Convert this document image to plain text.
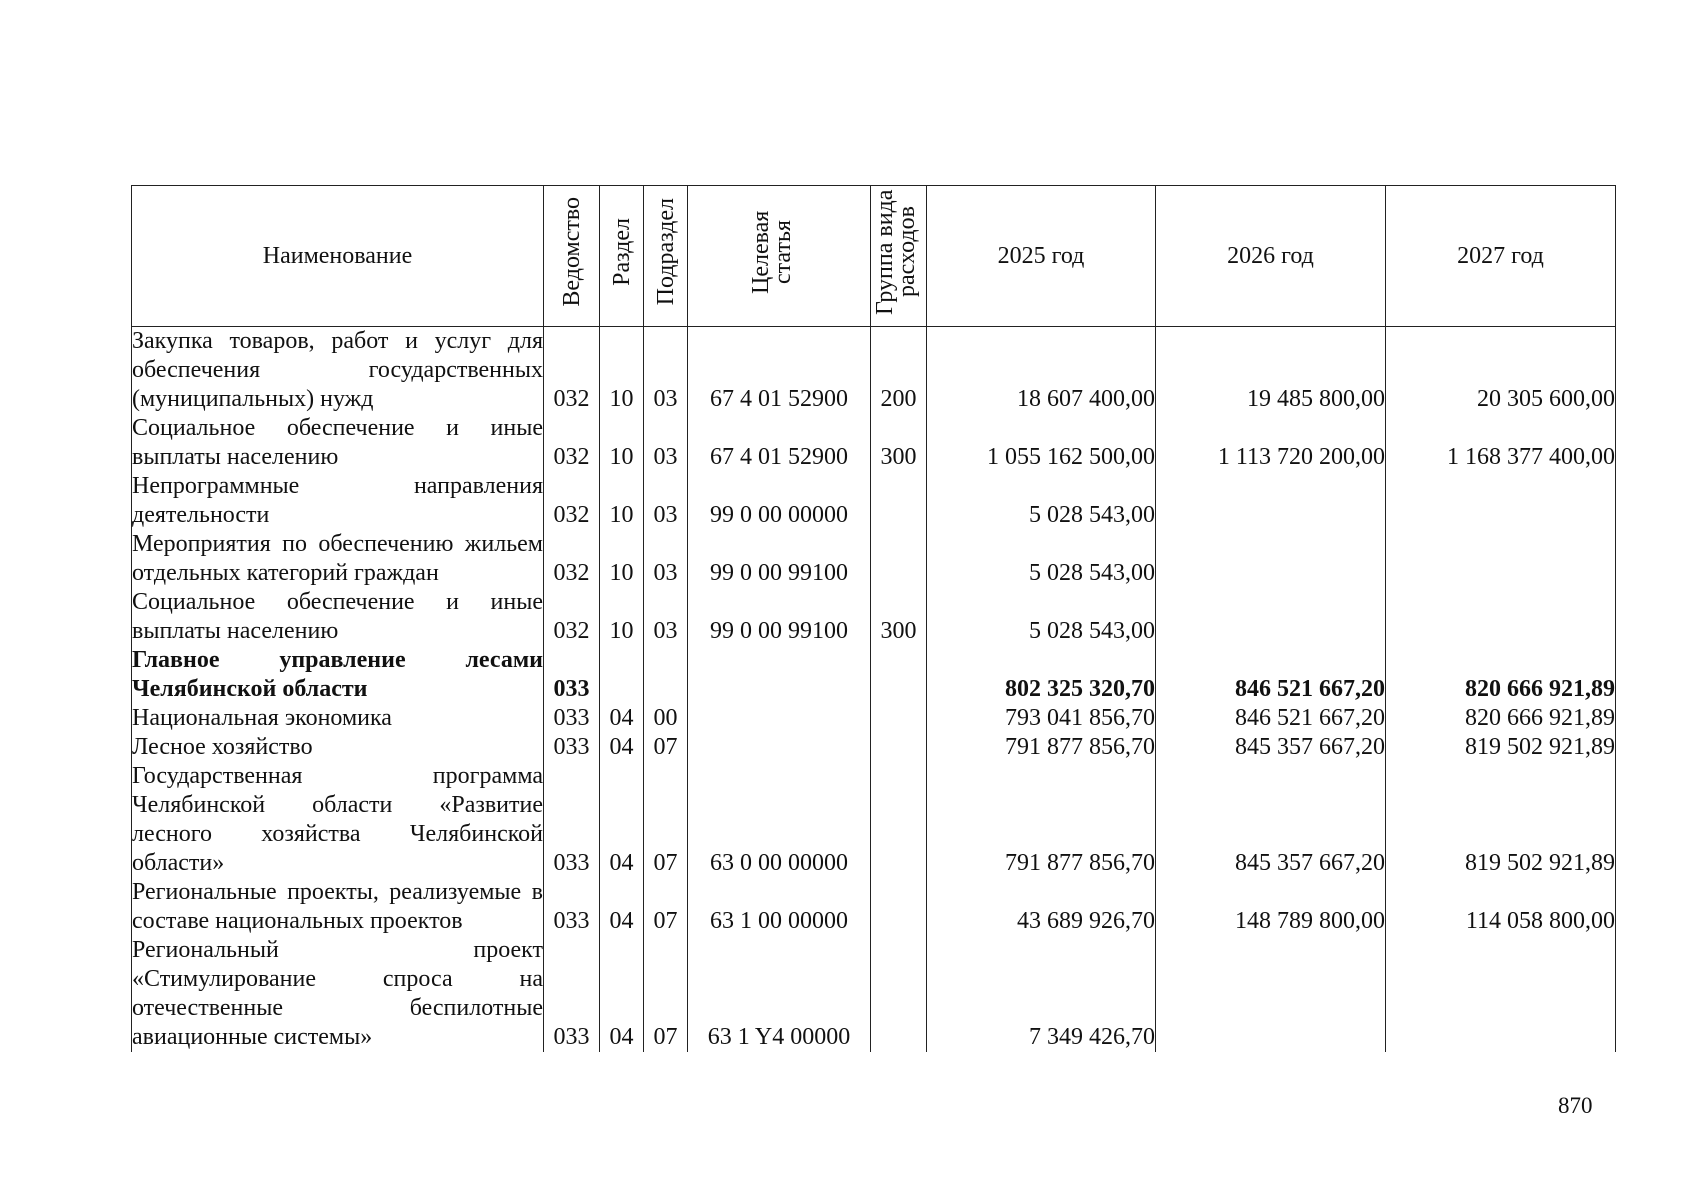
Наименование	Ведомство	Раздел	Подраздел	Целевая статья	Группа вида расходов	2025 год	2026 год	2027 год
Закупка товаров, работ и услуг для обеспечения государственных (муниципальных) нужд	032	10	03	67 4 01 52900	200	18 607 400,00	19 485 800,00	20 305 600,00
Социальное обеспечение и иные выплаты населению	032	10	03	67 4 01 52900	300	1 055 162 500,00	1 113 720 200,00	1 168 377 400,00
Непрограммные направления деятельности	032	10	03	99 0 00 00000		5 028 543,00		
Мероприятия по обеспечению жильем отдельных категорий граждан	032	10	03	99 0 00 99100		5 028 543,00		
Социальное обеспечение и иные выплаты населению	032	10	03	99 0 00 99100	300	5 028 543,00		
Главное управление лесами Челябинской области	033					802 325 320,70	846 521 667,20	820 666 921,89
Национальная экономика	033	04	00			793 041 856,70	846 521 667,20	820 666 921,89
Лесное хозяйство	033	04	07			791 877 856,70	845 357 667,20	819 502 921,89
Государственная программа Челябинской области «Развитие лесного хозяйства Челябинской области»	033	04	07	63 0 00 00000		791 877 856,70	845 357 667,20	819 502 921,89
Региональные проекты, реализуемые в составе национальных проектов	033	04	07	63 1 00 00000		43 689 926,70	148 789 800,00	114 058 800,00
Региональный проект «Стимулирование спроса на отечественные беспилотные авиационные системы»	033	04	07	63 1 Y4 00000		7 349 426,70		
870
